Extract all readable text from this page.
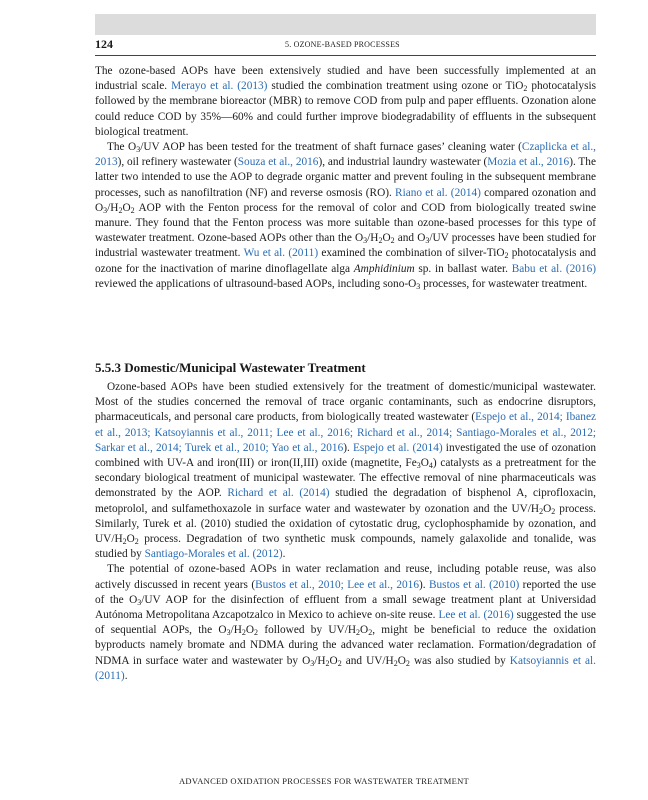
124	5. OZONE-BASED PROCESSES

The ozone-based AOPs have been extensively studied and have been successfully implemented at an industrial scale. Merayo et al. (2013) studied the combination treatment using ozone or TiO$_2$ photocatalysis followed by the membrane bioreactor (MBR) to remove COD from pulp and paper effluents. Ozonation alone could reduce COD by 35%—60% and could further improve biodegradability of effluents in the subsequent biological treatment.

The $O_3/UV$ AOP has been tested for the treatment of shaft furnace gases’ cleaning water (Czaplicka et al., 2013), oil refinery wastewater (Souza et al., 2016), and industrial laundry wastewater (Mozia et al., 2016). The latter two intended to use the AOP to degrade organic matter and prevent fouling in the subsequent membrane processes, such as nanofiltration (NF) and reverse osmosis (RO). Riano et al. (2014) compared ozonation and $O_3/H_2O_2$ AOP with the Fenton process for the removal of color and COD from biologically treated swine manure. They found that the Fenton process was more suitable than ozone-based processes for this type of wastewater treatment. Ozone-based AOPs other than the $O_3/H_2O_2$ and $O_3/UV$ processes have been studied for industrial wastewater treatment. Wu et al. (2011) examined the combination of silver-TiO$_2$ photocatalysis and ozone for the inactivation of marine dinoflagellate alga Amphidinium sp. in ballast water. Babu et al. (2016) reviewed the applications of ultrasound-based AOPs, including sono-$O_3$ processes, for wastewater treatment.

5.5.3 Domestic/Municipal Wastewater Treatment
ADVANCED OXIDATION PROCESSES FOR WASTEWATER TREATMENT

Ozone-based AOPs have been studied extensively for the treatment of domestic/municipal wastewater. Most of the studies concerned the removal of trace organic contaminants, such as endocrine disruptors, pharmaceuticals, and personal care products, from biologically treated wastewater (Espejo et al., 2014; Ibanez et al., 2013; Katsoyiannis et al., 2011; Lee et al., 2016; Richard et al., 2014; Santiago-Morales et al., 2012; Sarkar et al., 2014; Turek et al., 2010; Yao et al., 2016). Espejo et al. (2014) investigated the use of ozonation combined with UV-A and iron(III) or iron(II,III) oxide (magnetite, $Fe_3O_4$) catalysts as a pretreatment for the secondary biological treatment of municipal wastewater. The effective removal of nine pharmaceuticals was demonstrated by the AOP. Richard et al. (2014) studied the degradation of bisphenol A, ciprofloxacin, metoprolol, and sulfamethoxazole in surface water and wastewater by ozonation and the $UV/H_2O_2$ process. Similarly, Turek et al. (2010) studied the oxidation of cytostatic drug, cyclophosphamide by ozonation, and $UV/H_2O_2$ process. Degradation of two synthetic musk compounds, namely galaxolide and tonalide, was studied by Santiago-Morales et al. (2012).

The potential of ozone-based AOPs in water reclamation and reuse, including potable reuse, was also actively discussed in recent years (Bustos et al., 2010; Lee et al., 2016). Bustos et al. (2010) reported the use of the $O_3/UV$ AOP for the disinfection of effluent from a small sewage treatment plant at Universidad Autónoma Metropolitana Azcapotzalco in Mexico to achieve on-site reuse. Lee et al. (2016) suggested the use of sequential AOPs, the $O_3/H_2O_2$ followed by $UV/H_2O_2$, might be beneficial to reduce the oxidation byproducts namely bromate and NDMA during the advanced water reclamation. Formation/degradation of NDMA in surface water and wastewater by $O_3/H_2O_2$ and $UV/H_2O_2$ was also studied by Katsoyiannis et al. (2011).
